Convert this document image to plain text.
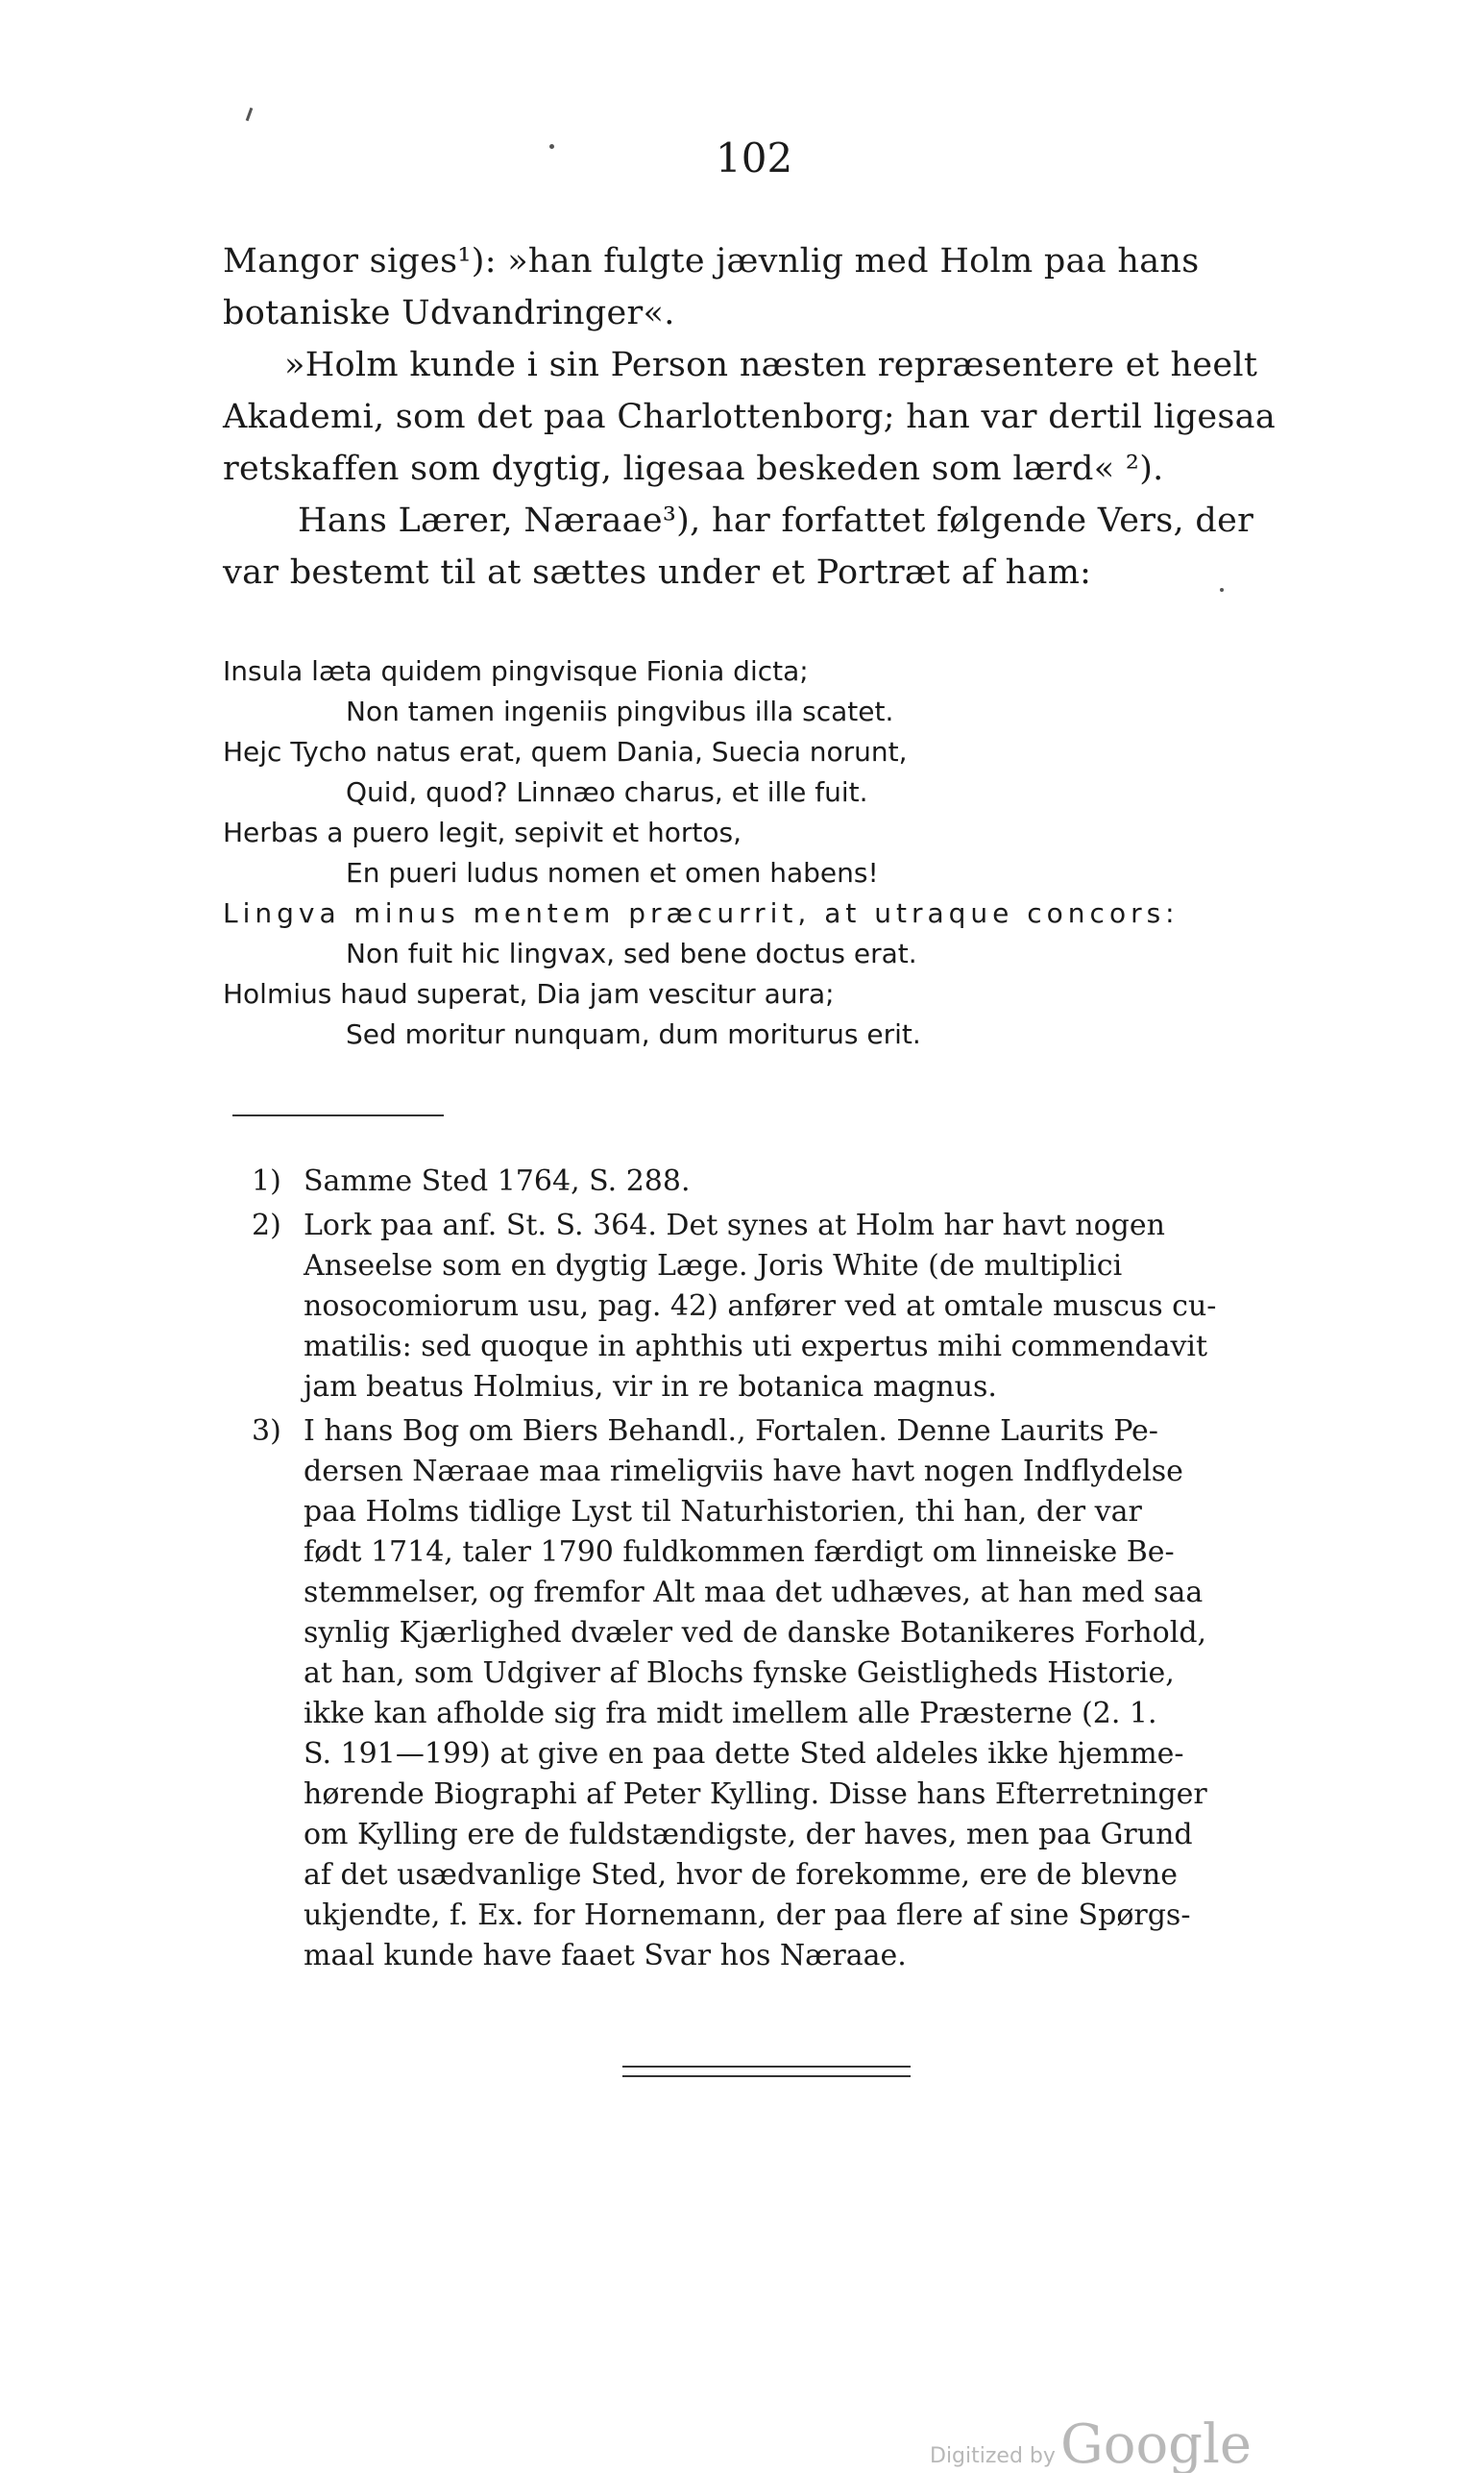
102
Mangor siges¹): »han fulgte jævnlig med Holm paa hans
botaniske Udvandringer«.
»Holm kunde i sin Person næsten repræsentere et heelt
Akademi, som det paa Charlottenborg; han var dertil ligesaa
retskaffen som dygtig, ligesaa beskeden som lærd« ²).
Hans Lærer, Næraae³), har forfattet følgende Vers, der
var bestemt til at sættes under et Portræt af ham:
Insula læta quidem pingvisque Fionia dicta;
Non tamen ingeniis pingvibus illa scatet.
Hejc Tycho natus erat, quem Dania, Suecia norunt,
Quid, quod? Linnæo charus, et ille fuit.
Herbas a puero legit, sepivit et hortos,
En pueri ludus nomen et omen habens!
Lingva minus mentem præcurrit, at utraque concors:
Non fuit hic lingvax, sed bene doctus erat.
Holmius haud superat, Dia jam vescitur aura;
Sed moritur nunquam, dum moriturus erit.
1) Samme Sted 1764, S. 288.
2) Lork paa anf. St. S. 364. Det synes at Holm har havt nogen
Anseelse som en dygtig Læge. Joris White (de multiplici
nosocomiorum usu, pag. 42) anfører ved at omtale muscus cu-
matilis: sed quoque in aphthis uti expertus mihi commendavit
jam beatus Holmius, vir in re botanica magnus.
3) I hans Bog om Biers Behandl., Fortalen. Denne Laurits Pe-
dersen Næraae maa rimeligviis have havt nogen Indflydelse
paa Holms tidlige Lyst til Naturhistorien, thi han, der var
født 1714, taler 1790 fuldkommen færdigt om linneiske Be-
stemmelser, og fremfor Alt maa det udhæves, at han med saa
synlig Kjærlighed dvæler ved de danske Botanikeres Forhold,
at han, som Udgiver af Blochs fynske Geistligheds Historie,
ikke kan afholde sig fra midt imellem alle Præsterne (2. 1.
S. 191—199) at give en paa dette Sted aldeles ikke hjemme-
hørende Biographi af Peter Kylling. Disse hans Efterretninger
om Kylling ere de fuldstændigste, der haves, men paa Grund
af det usædvanlige Sted, hvor de forekomme, ere de blevne
ukjendte, f. Ex. for Hornemann, der paa flere af sine Spørgs-
maal kunde have faaet Svar hos Næraae.
Digitized by Google
